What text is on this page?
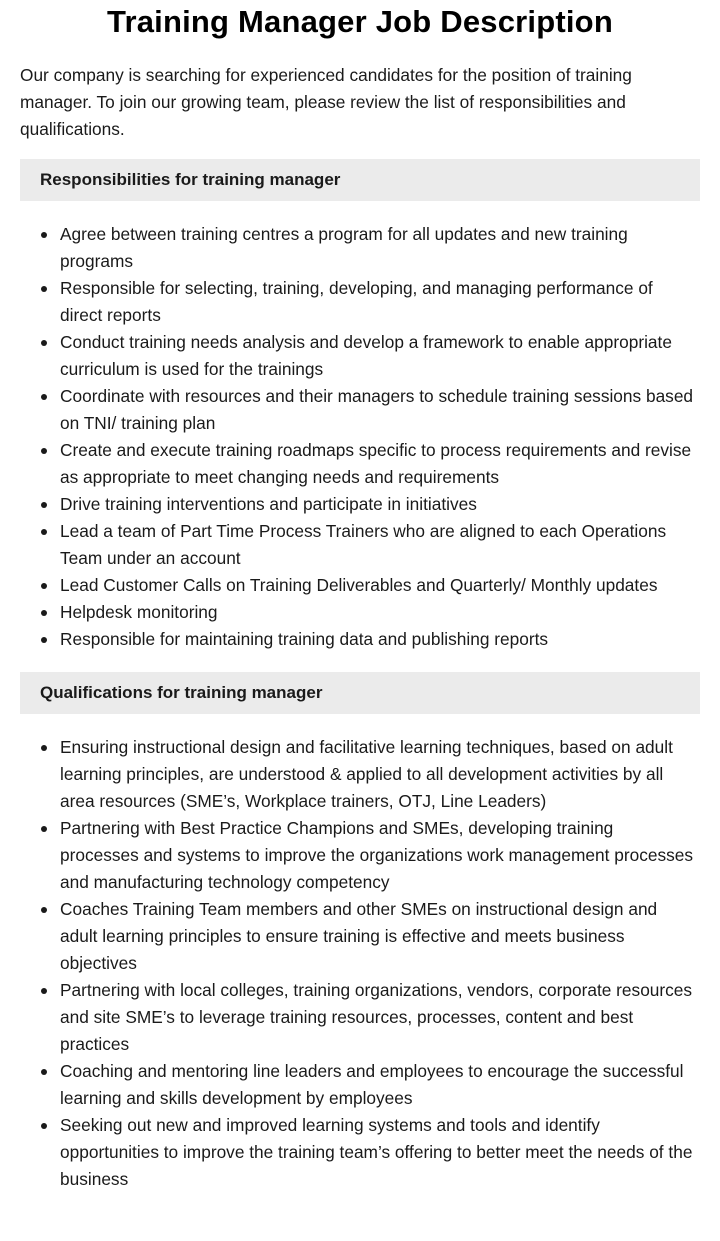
Training Manager Job Description

Our company is searching for experienced candidates for the position of training manager. To join our growing team, please review the list of responsibilities and qualifications.

Responsibilities for training manager
Agree between training centres a program for all updates and new training programs
Responsible for selecting, training, developing, and managing performance of direct reports
Conduct training needs analysis and develop a framework to enable appropriate curriculum is used for the trainings
Coordinate with resources and their managers to schedule training sessions based on TNI/ training plan
Create and execute training roadmaps specific to process requirements and revise as appropriate to meet changing needs and requirements
Drive training interventions and participate in initiatives
Lead a team of Part Time Process Trainers who are aligned to each Operations Team under an account
Lead Customer Calls on Training Deliverables and Quarterly/ Monthly updates
Helpdesk monitoring
Responsible for maintaining training data and publishing reports
Qualifications for training manager
Ensuring instructional design and facilitative learning techniques, based on adult learning principles, are understood & applied to all development activities by all area resources (SME’s, Workplace trainers, OTJ, Line Leaders)
Partnering with Best Practice Champions and SMEs, developing training processes and systems to improve the organizations work management processes and manufacturing technology competency
Coaches Training Team members and other SMEs on instructional design and adult learning principles to ensure training is effective and meets business objectives
Partnering with local colleges, training organizations, vendors, corporate resources and site SME’s to leverage training resources, processes, content and best practices
Coaching and mentoring line leaders and employees to encourage the successful learning and skills development by employees
Seeking out new and improved learning systems and tools and identify opportunities to improve the training team’s offering to better meet the needs of the business
